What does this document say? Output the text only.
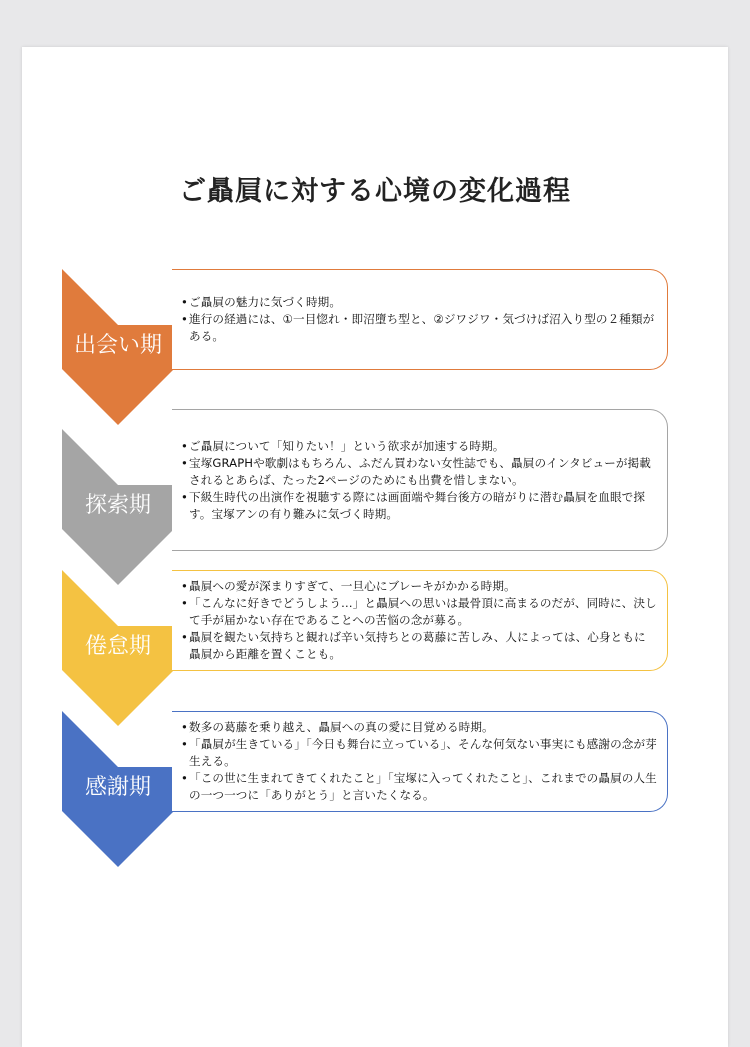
ご贔屓に対する心境の変化過程
出会い期
• ご贔屓の魅力に気づく時期。
• 進行の経過には、①一目惚れ・即沼墮ち型と、②ジワジワ・気づけば沼入り型の２種類がある。
探索期
• ご贔屓について「知りたい！」という欲求が加速する時期。
• 宝塚GRAPHや歌劇はもちろん、ふだん買わない女性誌でも、贔屓のインタビューが掲載されるとあらば、たった2ページのためにも出費を惜しまない。
• 下級生時代の出演作を視聴する際には画面端や舞台後方の暗がりに潜む贔屓を血眼で探す。宝塚アンの有り難みに気づく時期。
倦怠期
• 贔屓への愛が深まりすぎて、一旦心にブレーキがかかる時期。
• 「こんなに好きでどうしよう…」と贔屓への思いは最骨頂に高まるのだが、同時に、決して手が届かない存在であることへの苦悩の念が募る。
• 贔屓を観たい気持ちと観れば辛い気持ちとの葛藤に苦しみ、人によっては、心身ともに贔屓から距離を置くことも。
感謝期
• 数多の葛藤を乗り越え、贔屓への真の愛に目覚める時期。
• 「贔屓が生きている」「今日も舞台に立っている」、そんな何気ない事実にも感謝の念が芽生える。
• 「この世に生まれてきてくれたこと」「宝塚に入ってくれたこと」、これまでの贔屓の人生の一つ一つに「ありがとう」と言いたくなる。
